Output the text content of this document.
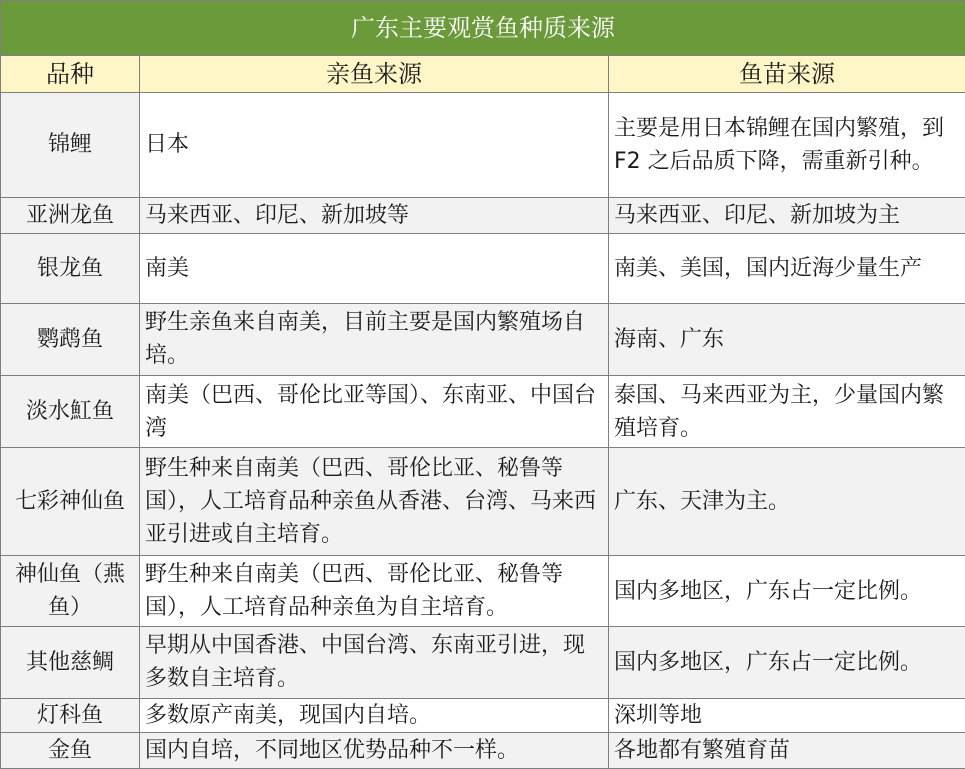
广东主要观赏鱼种质来源		
品种	亲鱼来源	鱼苗来源
锦鲤	日本	主要是用日本锦鲤在国内繁殖，到 F2 之后品质下降，需重新引种。
亚洲龙鱼	马来西亚、印尼、新加坡等	马来西亚、印尼、新加坡为主
银龙鱼	南美	南美、美国，国内近海少量生产
鹦鹉鱼	野生亲鱼来自南美，目前主要是国内繁殖场自培。	海南、广东
淡水魟鱼	南美（巴西、哥伦比亚等国）、东南亚、中国台湾	泰国、马来西亚为主，少量国内繁殖培育。
七彩神仙鱼	野生种来自南美（巴西、哥伦比亚、秘鲁等国），人工培育品种亲鱼从香港、台湾、马来西亚引进或自主培育。	广东、天津为主。
神仙鱼（燕鱼）	野生种来自南美（巴西、哥伦比亚、秘鲁等国），人工培育品种亲鱼为自主培育。	国内多地区，广东占一定比例。
其他慈鲷	早期从中国香港、中国台湾、东南亚引进，现多数自主培育。	国内多地区，广东占一定比例。
灯科鱼	多数原产南美，现国内自培。	深圳等地
金鱼	国内自培，不同地区优势品种不一样。	各地都有繁殖育苗
